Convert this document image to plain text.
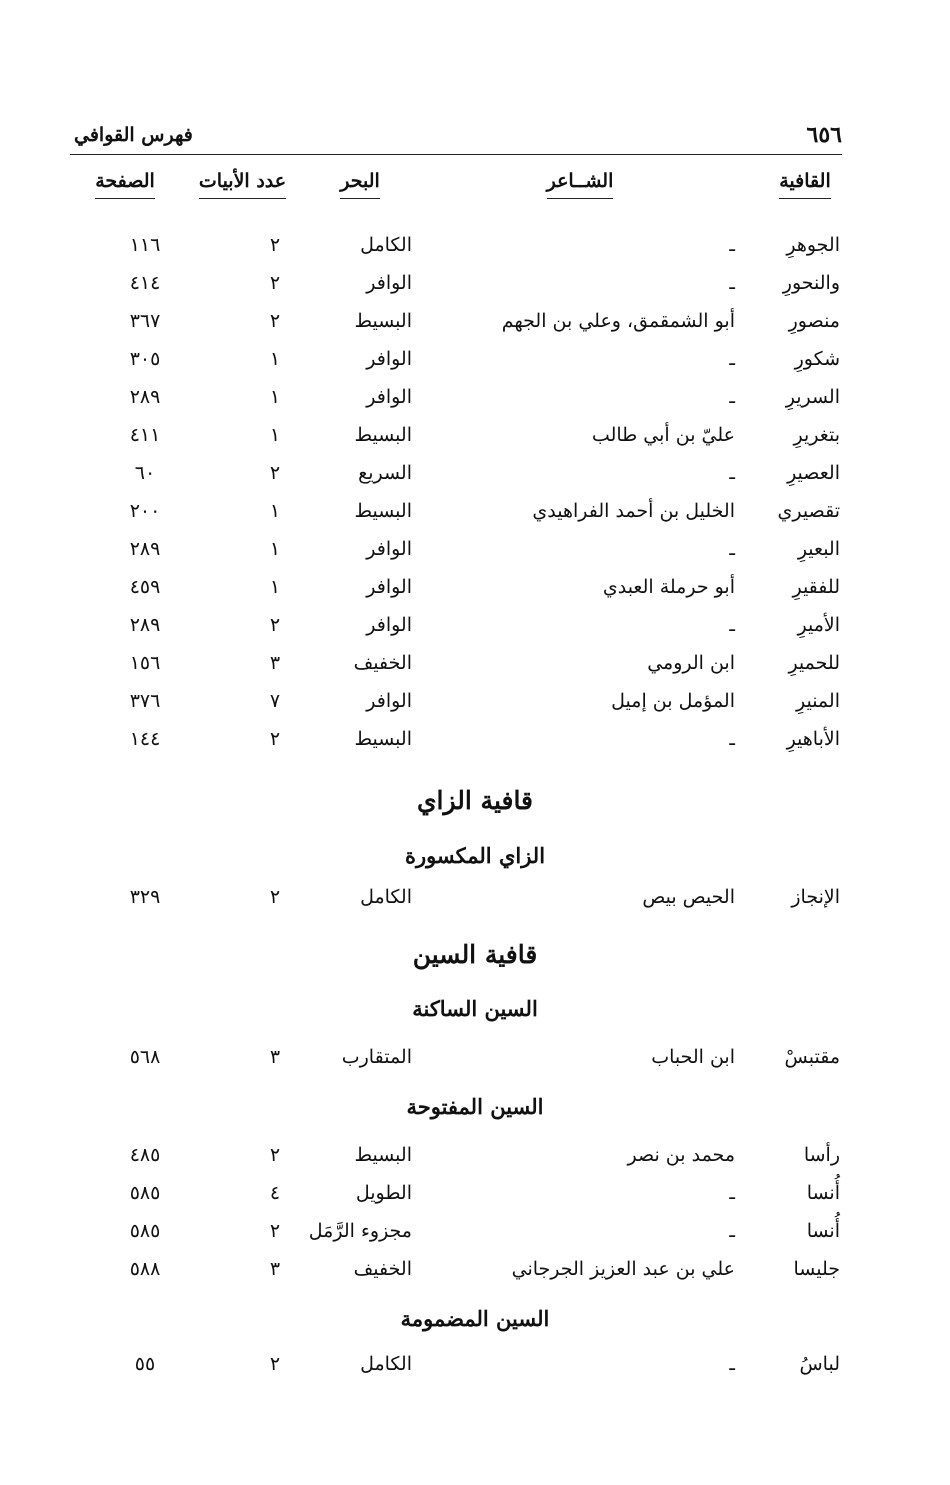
٦٥٦
فهرس القوافي
القافية
الشــاعر
البحر
عدد الأبيات
الصفحة
الجوهرِ
ـ
الكامل
٢
١١٦
والنحورِ
ـ
الوافر
٢
٤١٤
منصورِ
أبو الشمقمق، وعلي بن الجهم
البسيط
٢
٣٦٧
شكورِ
ـ
الوافر
١
٣٠٥
السريرِ
ـ
الوافر
١
٢٨٩
بتغريرِ
عليّ بن أبي طالب
البسيط
١
٤١١
العصيرِ
ـ
السريع
٢
٦٠
تقصيري
الخليل بن أحمد الفراهيدي
البسيط
١
٢٠٠
البعيرِ
ـ
الوافر
١
٢٨٩
للفقيرِ
أبو حرملة العبدي
الوافر
١
٤٥٩
الأميرِ
ـ
الوافر
٢
٢٨٩
للحميرِ
ابن الرومي
الخفيف
٣
١٥٦
المنيرِ
المؤمل بن إميل
الوافر
٧
٣٧٦
الأباهيرِ
ـ
البسيط
٢
١٤٤
قافية الزاي
الزاي المكسورة
الإنجاز
الحيص بيص
الكامل
٢
٣٢٩
قافية السين
السين الساكنة
مقتبسْ
ابن الحباب
المتقارب
٣
٥٦٨
السين المفتوحة
رأسا
محمد بن نصر
البسيط
٢
٤٨٥
أُنسا
ـ
الطويل
٤
٥٨٥
أُنسا
ـ
مجزوء الرَّمَل
٢
٥٨٥
جليسا
علي بن عبد العزيز الجرجاني
الخفيف
٣
٥٨٨
السين المضمومة
لباسُ
ـ
الكامل
٢
٥٥
